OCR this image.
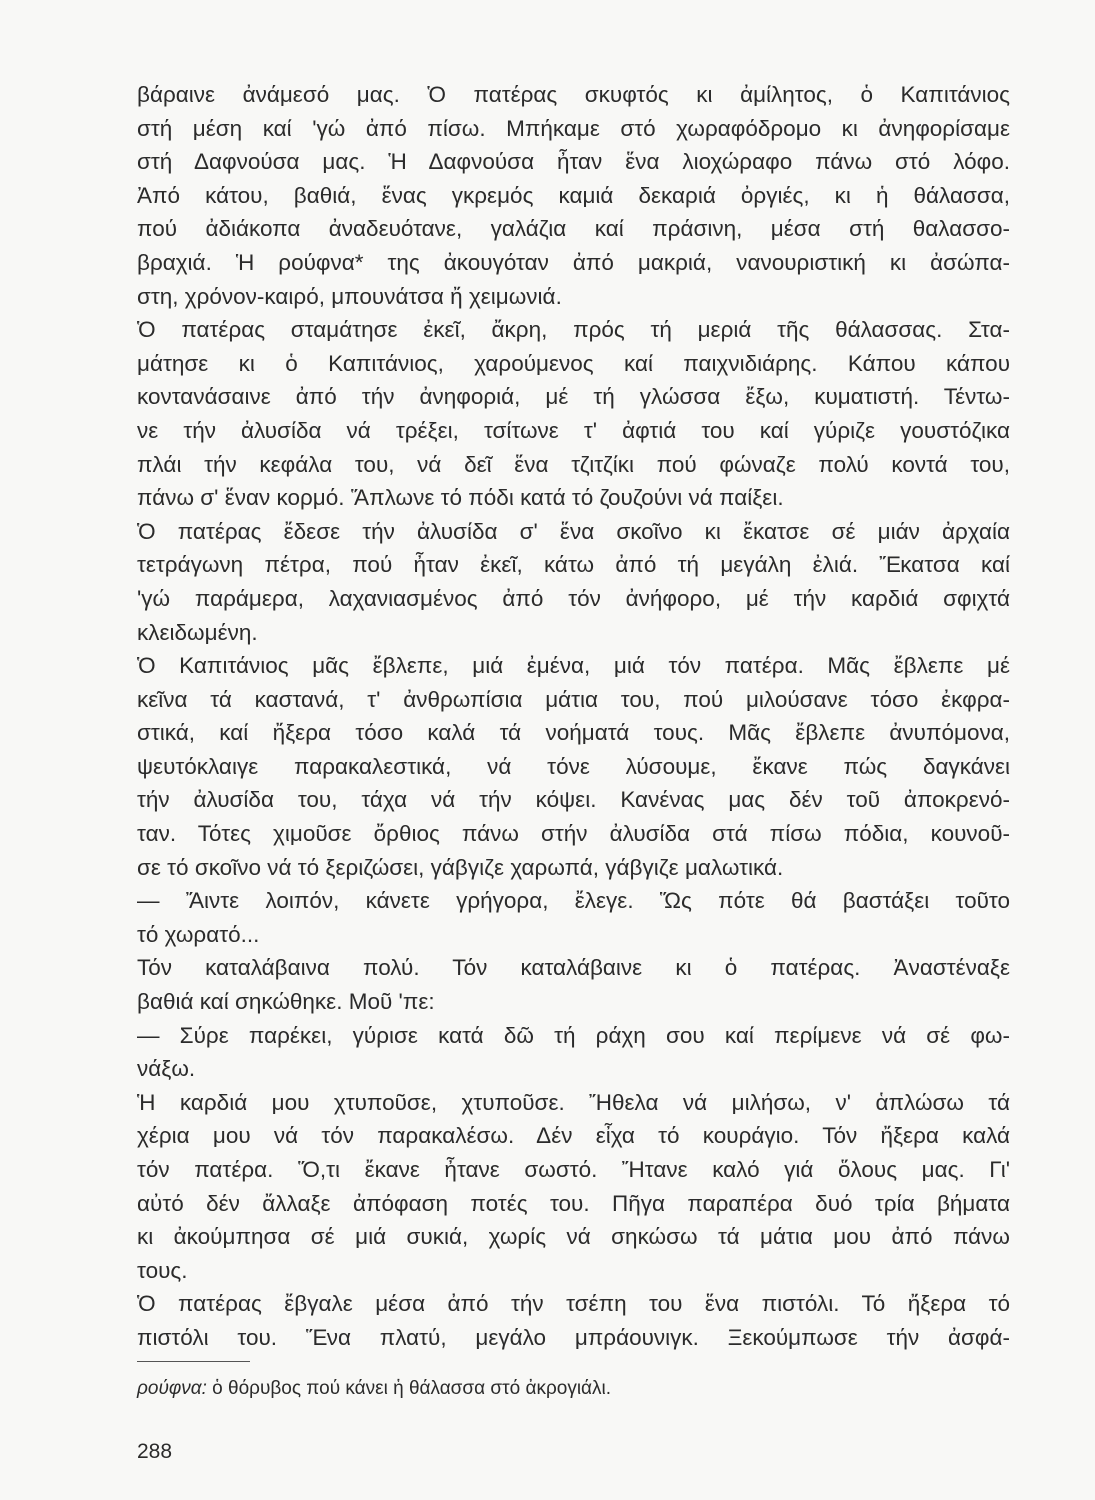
βάραινε ἀνάμεσό μας. Ὁ πατέρας σκυφτός κι ἀμίλητος, ὁ Καπιτάνιος
στή μέση καί 'γώ ἀπό πίσω. Μπήκαμε στό χωραφόδρομο κι ἀνηφορίσαμε
στή Δαφνούσα μας. Ἡ Δαφνούσα ἦταν ἕνα λιοχώραφο πάνω στό λόφο.
Ἀπό κάτου, βαθιά, ἕνας γκρεμός καμιά δεκαριά ὀργιές, κι ἡ θάλασσα,
πού ἀδιάκοπα ἀναδευότανε, γαλάζια καί πράσινη, μέσα στή θαλασσο-
βραχιά. Ἡ ρούφνα* της ἀκουγόταν ἀπό μακριά, νανουριστική κι ἀσώπα-
στη, χρόνον-καιρό, μπουνάτσα ἤ χειμωνιά.
Ὁ πατέρας σταμάτησε ἐκεῖ, ἄκρη, πρός τή μεριά τῆς θάλασσας. Στα-
μάτησε κι ὁ Καπιτάνιος, χαρούμενος καί παιχνιδιάρης. Κάπου κάπου
κοντανάσαινε ἀπό τήν ἀνηφοριά, μέ τή γλώσσα ἔξω, κυματιστή. Τέντω-
νε τήν ἀλυσίδα νά τρέξει, τσίτωνε τ' ἀφτιά του καί γύριζε γουστόζικα
πλάι τήν κεφάλα του, νά δεῖ ἕνα τζιτζίκι πού φώναζε πολύ κοντά του,
πάνω σ' ἕναν κορμό. Ἅπλωνε τό πόδι κατά τό ζουζούνι νά παίξει.
Ὁ πατέρας ἔδεσε τήν ἀλυσίδα σ' ἕνα σκοῖνο κι ἔκατσε σέ μιάν ἀρχαία
τετράγωνη πέτρα, πού ἦταν ἐκεῖ, κάτω ἀπό τή μεγάλη ἐλιά. Ἔκατσα καί
'γώ παράμερα, λαχανιασμένος ἀπό τόν ἀνήφορο, μέ τήν καρδιά σφιχτά
κλειδωμένη.
Ὁ Καπιτάνιος μᾶς ἔβλεπε, μιά ἐμένα, μιά τόν πατέρα. Μᾶς ἔβλεπε μέ
κεῖνα τά καστανά, τ' ἀνθρωπίσια μάτια του, πού μιλούσανε τόσο ἐκφρα-
στικά, καί ἤξερα τόσο καλά τά νοήματά τους. Μᾶς ἔβλεπε ἀνυπόμονα,
ψευτόκλαιγε παρακαλεστικά, νά τόνε λύσουμε, ἔκανε πώς δαγκάνει
τήν ἀλυσίδα του, τάχα νά τήν κόψει. Κανένας μας δέν τοῦ ἀποκρενό-
ταν. Τότες χιμοῦσε ὄρθιος πάνω στήν ἀλυσίδα στά πίσω πόδια, κουνοῦ-
σε τό σκοῖνο νά τό ξεριζώσει, γάβγιζε χαρωπά, γάβγιζε μαλωτικά.
— Ἄιντε λοιπόν, κάνετε γρήγορα, ἔλεγε. Ὥς πότε θά βαστάξει τοῦτο
τό χωρατό...
Τόν καταλάβαινα πολύ. Τόν καταλάβαινε κι ὁ πατέρας. Ἀναστέναξε
βαθιά καί σηκώθηκε. Μοῦ 'πε:
— Σύρε παρέκει, γύρισε κατά δῶ τή ράχη σου καί περίμενε νά σέ φω-
νάξω.
Ἡ καρδιά μου χτυποῦσε, χτυποῦσε. Ἤθελα νά μιλήσω, ν' ἁπλώσω τά
χέρια μου νά τόν παρακαλέσω. Δέν εἶχα τό κουράγιο. Τόν ἤξερα καλά
τόν πατέρα. Ὅ,τι ἔκανε ἦτανε σωστό. Ἤτανε καλό γιά ὅλους μας. Γι'
αὐτό δέν ἄλλαξε ἀπόφαση ποτές του. Πῆγα παραπέρα δυό τρία βήματα
κι ἀκούμπησα σέ μιά συκιά, χωρίς νά σηκώσω τά μάτια μου ἀπό πάνω
τους.
Ὁ πατέρας ἔβγαλε μέσα ἀπό τήν τσέπη του ἕνα πιστόλι. Τό ἤξερα τό
πιστόλι του. Ἕνα πλατύ, μεγάλο μπράουνιγκ. Ξεκούμπωσε τήν ἀσφά-
ρούφνα: ὁ θόρυβος πού κάνει ἡ θάλασσα στό ἀκρογιάλι.
288
